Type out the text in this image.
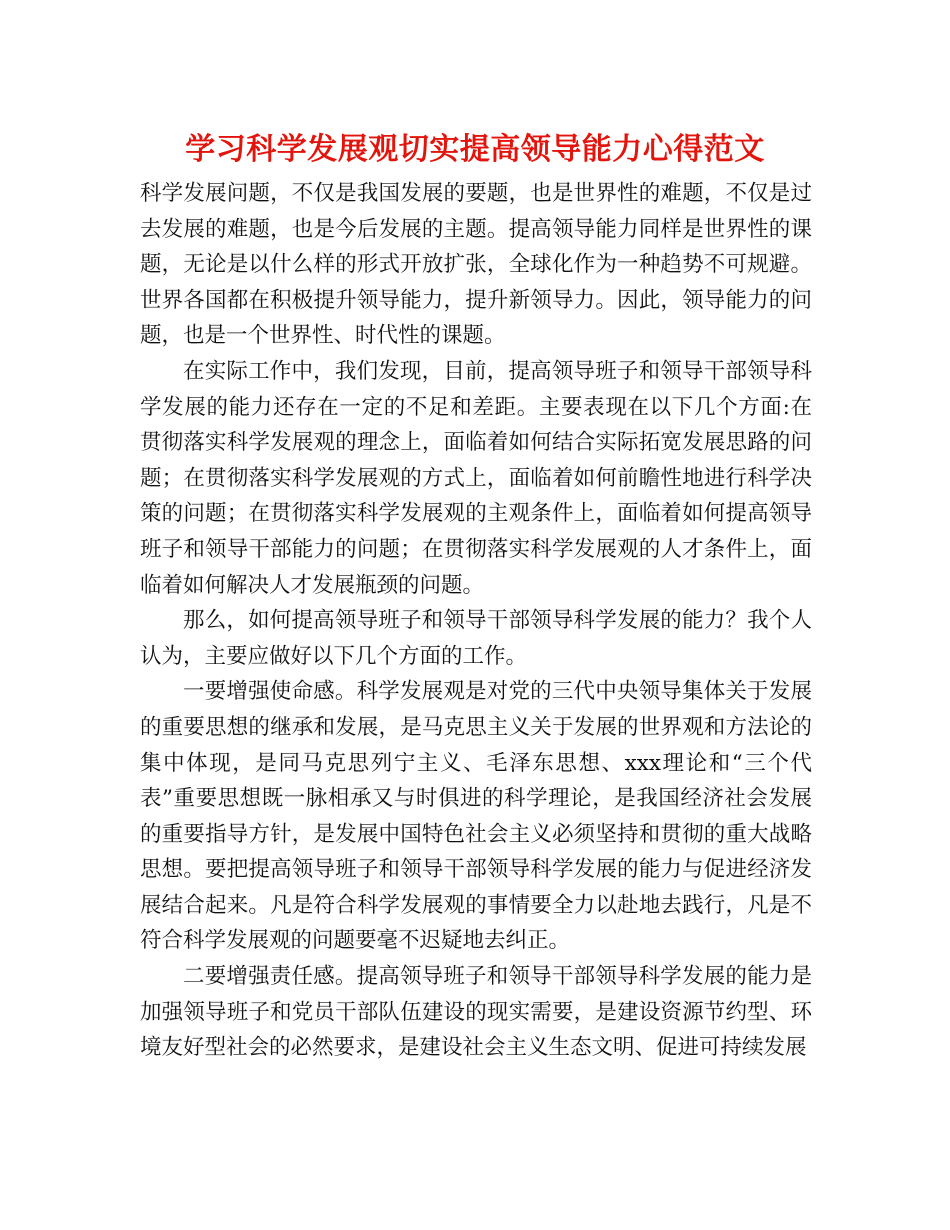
学习科学发展观切实提高领导能力心得范文

科学发展问题，不仅是我国发展的要题，也是世界性的难题，不仅是过去发展的难题，也是今后发展的主题。提高领导能力同样是世界性的课题，无论是以什么样的形式开放扩张，全球化作为一种趋势不可规避。世界各国都在积极提升领导能力，提升新领导力。因此，领导能力的问题，也是一个世界性、时代性的课题。

在实际工作中，我们发现，目前，提高领导班子和领导干部领导科学发展的能力还存在一定的不足和差距。主要表现在以下几个方面:在贯彻落实科学发展观的理念上，面临着如何结合实际拓宽发展思路的问题；在贯彻落实科学发展观的方式上，面临着如何前瞻性地进行科学决策的问题；在贯彻落实科学发展观的主观条件上，面临着如何提高领导班子和领导干部能力的问题；在贯彻落实科学发展观的人才条件上，面临着如何解决人才发展瓶颈的问题。

那么，如何提高领导班子和领导干部领导科学发展的能力？我个人认为，主要应做好以下几个方面的工作。

一要增强使命感。科学发展观是对党的三代中央领导集体关于发展的重要思想的继承和发展，是马克思主义关于发展的世界观和方法论的集中体现，是同马克思列宁主义、毛泽东思想、xxx理论和“三个代表”重要思想既一脉相承又与时俱进的科学理论，是我国经济社会发展的重要指导方针，是发展中国特色社会主义必须坚持和贯彻的重大战略思想。要把提高领导班子和领导干部领导科学发展的能力与促进经济发展结合起来。凡是符合科学发展观的事情要全力以赴地去践行，凡是不符合科学发展观的问题要毫不迟疑地去纠正。

二要增强责任感。提高领导班子和领导干部领导科学发展的能力是加强领导班子和党员干部队伍建设的现实需要，是建设资源节约型、环境友好型社会的必然要求，是建设社会主义生态文明、促进可持续发展
